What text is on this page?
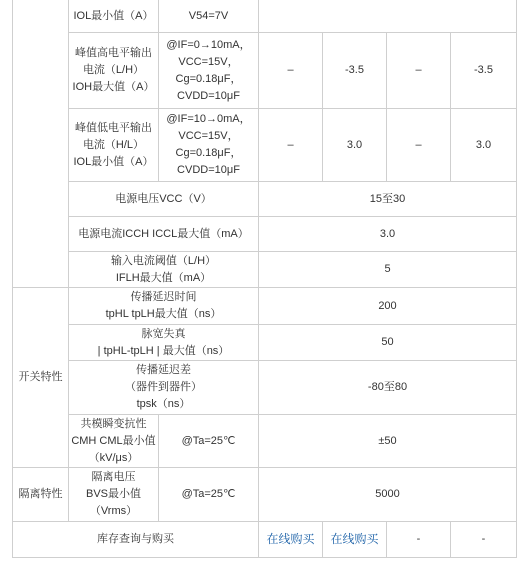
	IOL最小值（A）	V54=7V				

	峰值高电平输出
电流（L/H）
IOH最大值（A）	@IF=0→10mA，
VCC=15V，
Cg=0.18μF，
CVDD=10μF	–	-3.5	–	-3.5

	峰值低电平输出
电流（H/L）
IOL最小值（A）	@IF=10→0mA，
VCC=15V，
Cg=0.18μF，
CVDD=10μF	–	3.0	–	3.0
	电源电压VCC（V）		15至30			
	电源电流ICCH ICCL最大值（mA）		3.0			

	输入电流阈值（L/H）
IFLH最大值（mA）		5			
开关特性	传播延迟时间
tpHL tpLH最大值（ns）		200			

	脉宽失真
| tpHL-tpLH | 最大值（ns）		50			

	传播延迟差
（器件到器件）
tpsk（ns）		-80至80			

	共模瞬变抗性
CMH CML最小值
（kV/μs）	@Ta=25℃	±50			
隔离特性	隔离电压
BVS最小值
（Vrms）	@Ta=25℃	5000			
库存查询与购买			在线购买	在线购买	-	-
